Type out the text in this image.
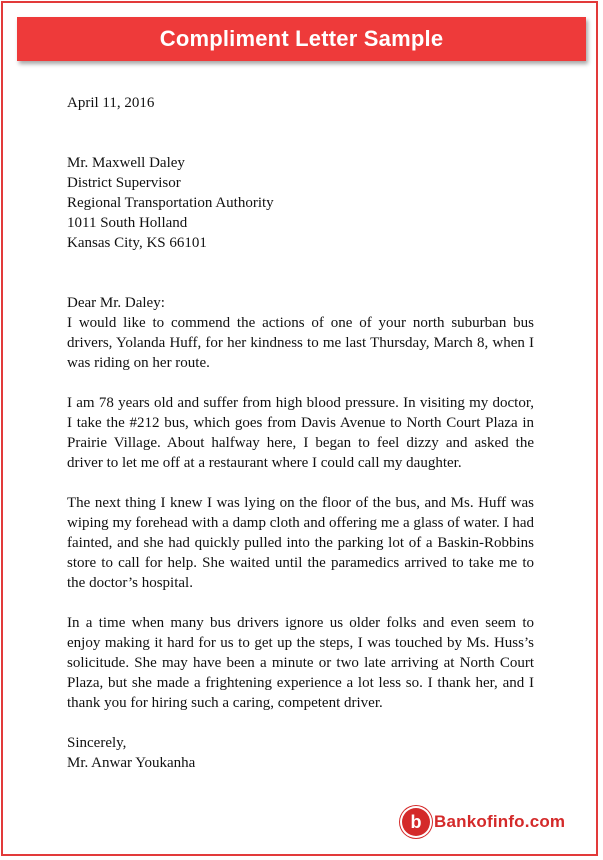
Compliment Letter Sample
April 11, 2016
Mr. Maxwell Daley
District Supervisor
Regional Transportation Authority
1011 South Holland
Kansas City, KS 66101
Dear Mr. Daley:

I would like to commend the actions of one of your north suburban bus drivers, Yolanda Huff, for her kindness to me last Thursday, March 8, when I was riding on her route.

I am 78 years old and suffer from high blood pressure. In visiting my doctor, I take the #212 bus, which goes from Davis Avenue to North Court Plaza in Prairie Village. About halfway here, I began to feel dizzy and asked the driver to let me off at a restaurant where I could call my daughter.

The next thing I knew I was lying on the floor of the bus, and Ms. Huff was wiping my forehead with a damp cloth and offering me a glass of water. I had fainted, and she had quickly pulled into the parking lot of a Baskin-Robbins store to call for help. She waited until the paramedics arrived to take me to the doctor’s hospital.

In a time when many bus drivers ignore us older folks and even seem to enjoy making it hard for us to get up the steps, I was touched by Ms. Huss’s solicitude. She may have been a minute or two late arriving at North Court Plaza, but she made a frightening experience a lot less so. I thank her, and I thank you for hiring such a caring, competent driver.

Sincerely,
Mr. Anwar Youkanha
b Bankofinfo.com
